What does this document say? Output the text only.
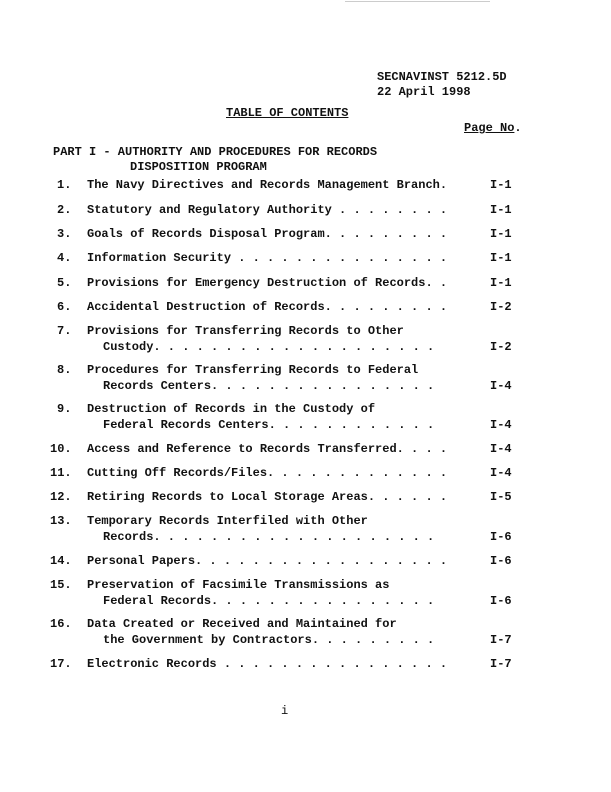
SECNAVINST 5212.5D
22 April 1998
TABLE OF CONTENTS
Page No.
PART I - AUTHORITY AND PROCEDURES FOR RECORDS
DISPOSITION PROGRAM
1. The Navy Directives and Records Management Branch.	I-1
2. Statutory and Regulatory Authority . . . . . . . .	I-1
3. Goals of Records Disposal Program. . . . . . . . .	I-1
4. Information Security . . . . . . . . . . . . . . .	I-1
5. Provisions for Emergency Destruction of Records. .	I-1
6. Accidental Destruction of Records. . . . . . . . .	I-2
7. Provisions for Transferring Records to Other
Custody. . . . . . . . . . . . . . . . . . . .	I-2
8. Procedures for Transferring Records to Federal
Records Centers. . . . . . . . . . . . . . . .	I-4
9. Destruction of Records in the Custody of
Federal Records Centers. . . . . . . . . . . .	I-4
10. Access and Reference to Records Transferred. . . .	I-4
11. Cutting Off Records/Files. . . . . . . . . . . . .	I-4
12. Retiring Records to Local Storage Areas. . . . . .	I-5
13. Temporary Records Interfiled with Other
Records. . . . . . . . . . . . . . . . . . . .	I-6
14. Personal Papers. . . . . . . . . . . . . . . . . .	I-6
15. Preservation of Facsimile Transmissions as
Federal Records. . . . . . . . . . . . . . . .	I-6
16. Data Created or Received and Maintained for
the Government by Contractors. . . . . . . . .	I-7
17. Electronic Records . . . . . . . . . . . . . . . .	I-7
i
